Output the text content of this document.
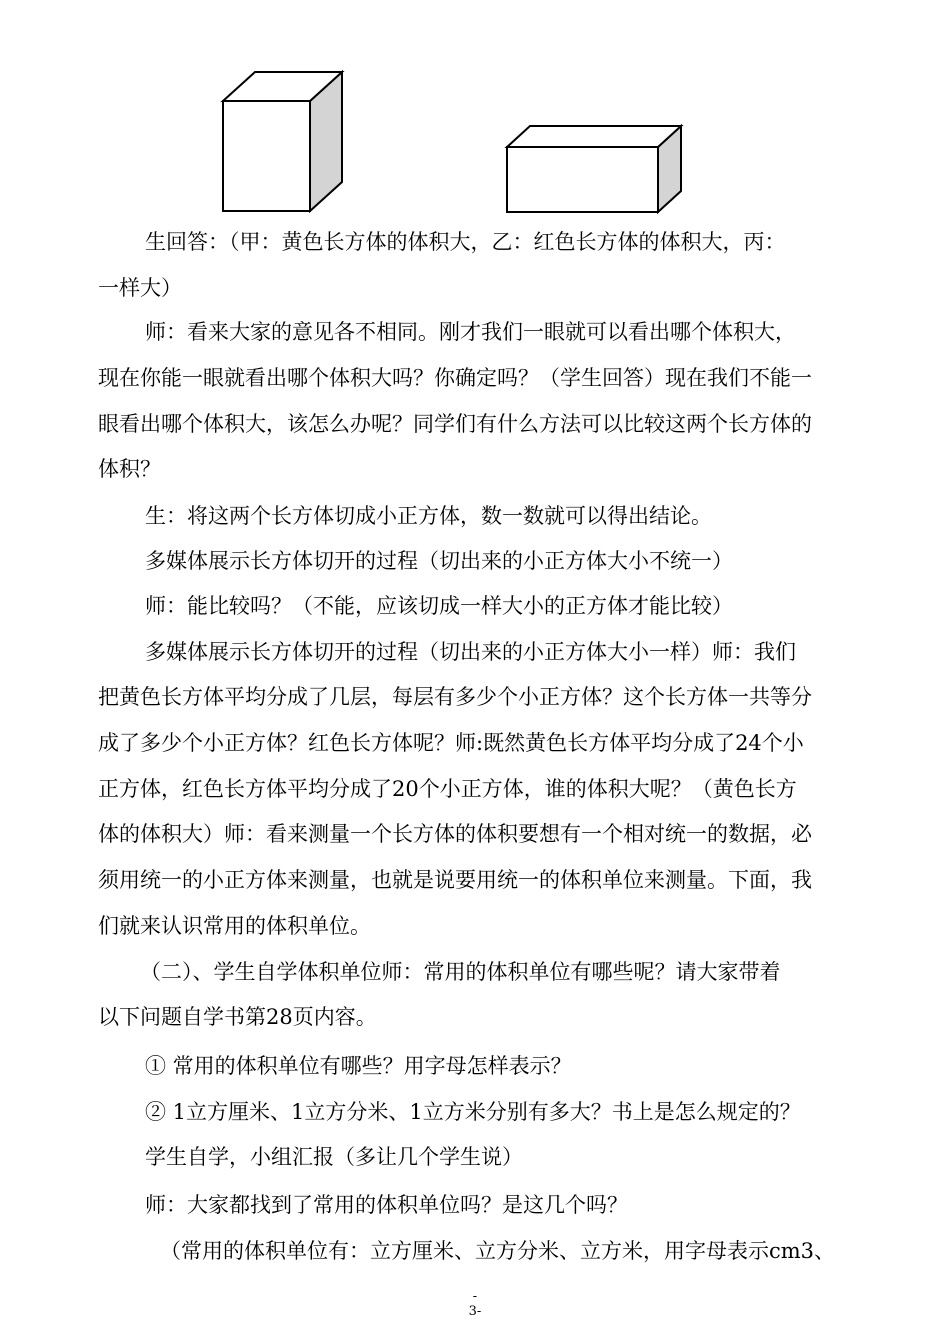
生回答：（甲：黄色长方体的体积大，乙：红色长方体的体积大，丙：
一样大）
师：看来大家的意见各不相同。刚才我们一眼就可以看出哪个体积大，
现在你能一眼就看出哪个体积大吗？你确定吗？（学生回答）现在我们不能一
眼看出哪个体积大，该怎么办呢？同学们有什么方法可以比较这两个长方体的
体积？
生：将这两个长方体切成小正方体，数一数就可以得出结论。
多媒体展示长方体切开的过程（切出来的小正方体大小不统一）
师：能比较吗？（不能，应该切成一样大小的正方体才能比较）
多媒体展示长方体切开的过程（切出来的小正方体大小一样）师：我们
把黄色长方体平均分成了几层，每层有多少个小正方体？这个长方体一共等分
成了多少个小正方体？红色长方体呢？师:既然黄色长方体平均分成了24个小
正方体，红色长方体平均分成了20个小正方体，谁的体积大呢？（黄色长方
体的体积大）师：看来测量一个长方体的体积要想有一个相对统一的数据，必
须用统一的小正方体来测量，也就是说要用统一的体积单位来测量。下面，我
们就来认识常用的体积单位。
（二）、学生自学体积单位师：常用的体积单位有哪些呢？请大家带着
以下问题自学书第28页内容。
① 常用的体积单位有哪些？用字母怎样表示？
② 1立方厘米、1立方分米、1立方米分别有多大？书上是怎么规定的？
学生自学，小组汇报（多让几个学生说）
师：大家都找到了常用的体积单位吗？是这几个吗？
（常用的体积单位有：立方厘米、立方分米、立方米，用字母表示cm3、
-
3-
